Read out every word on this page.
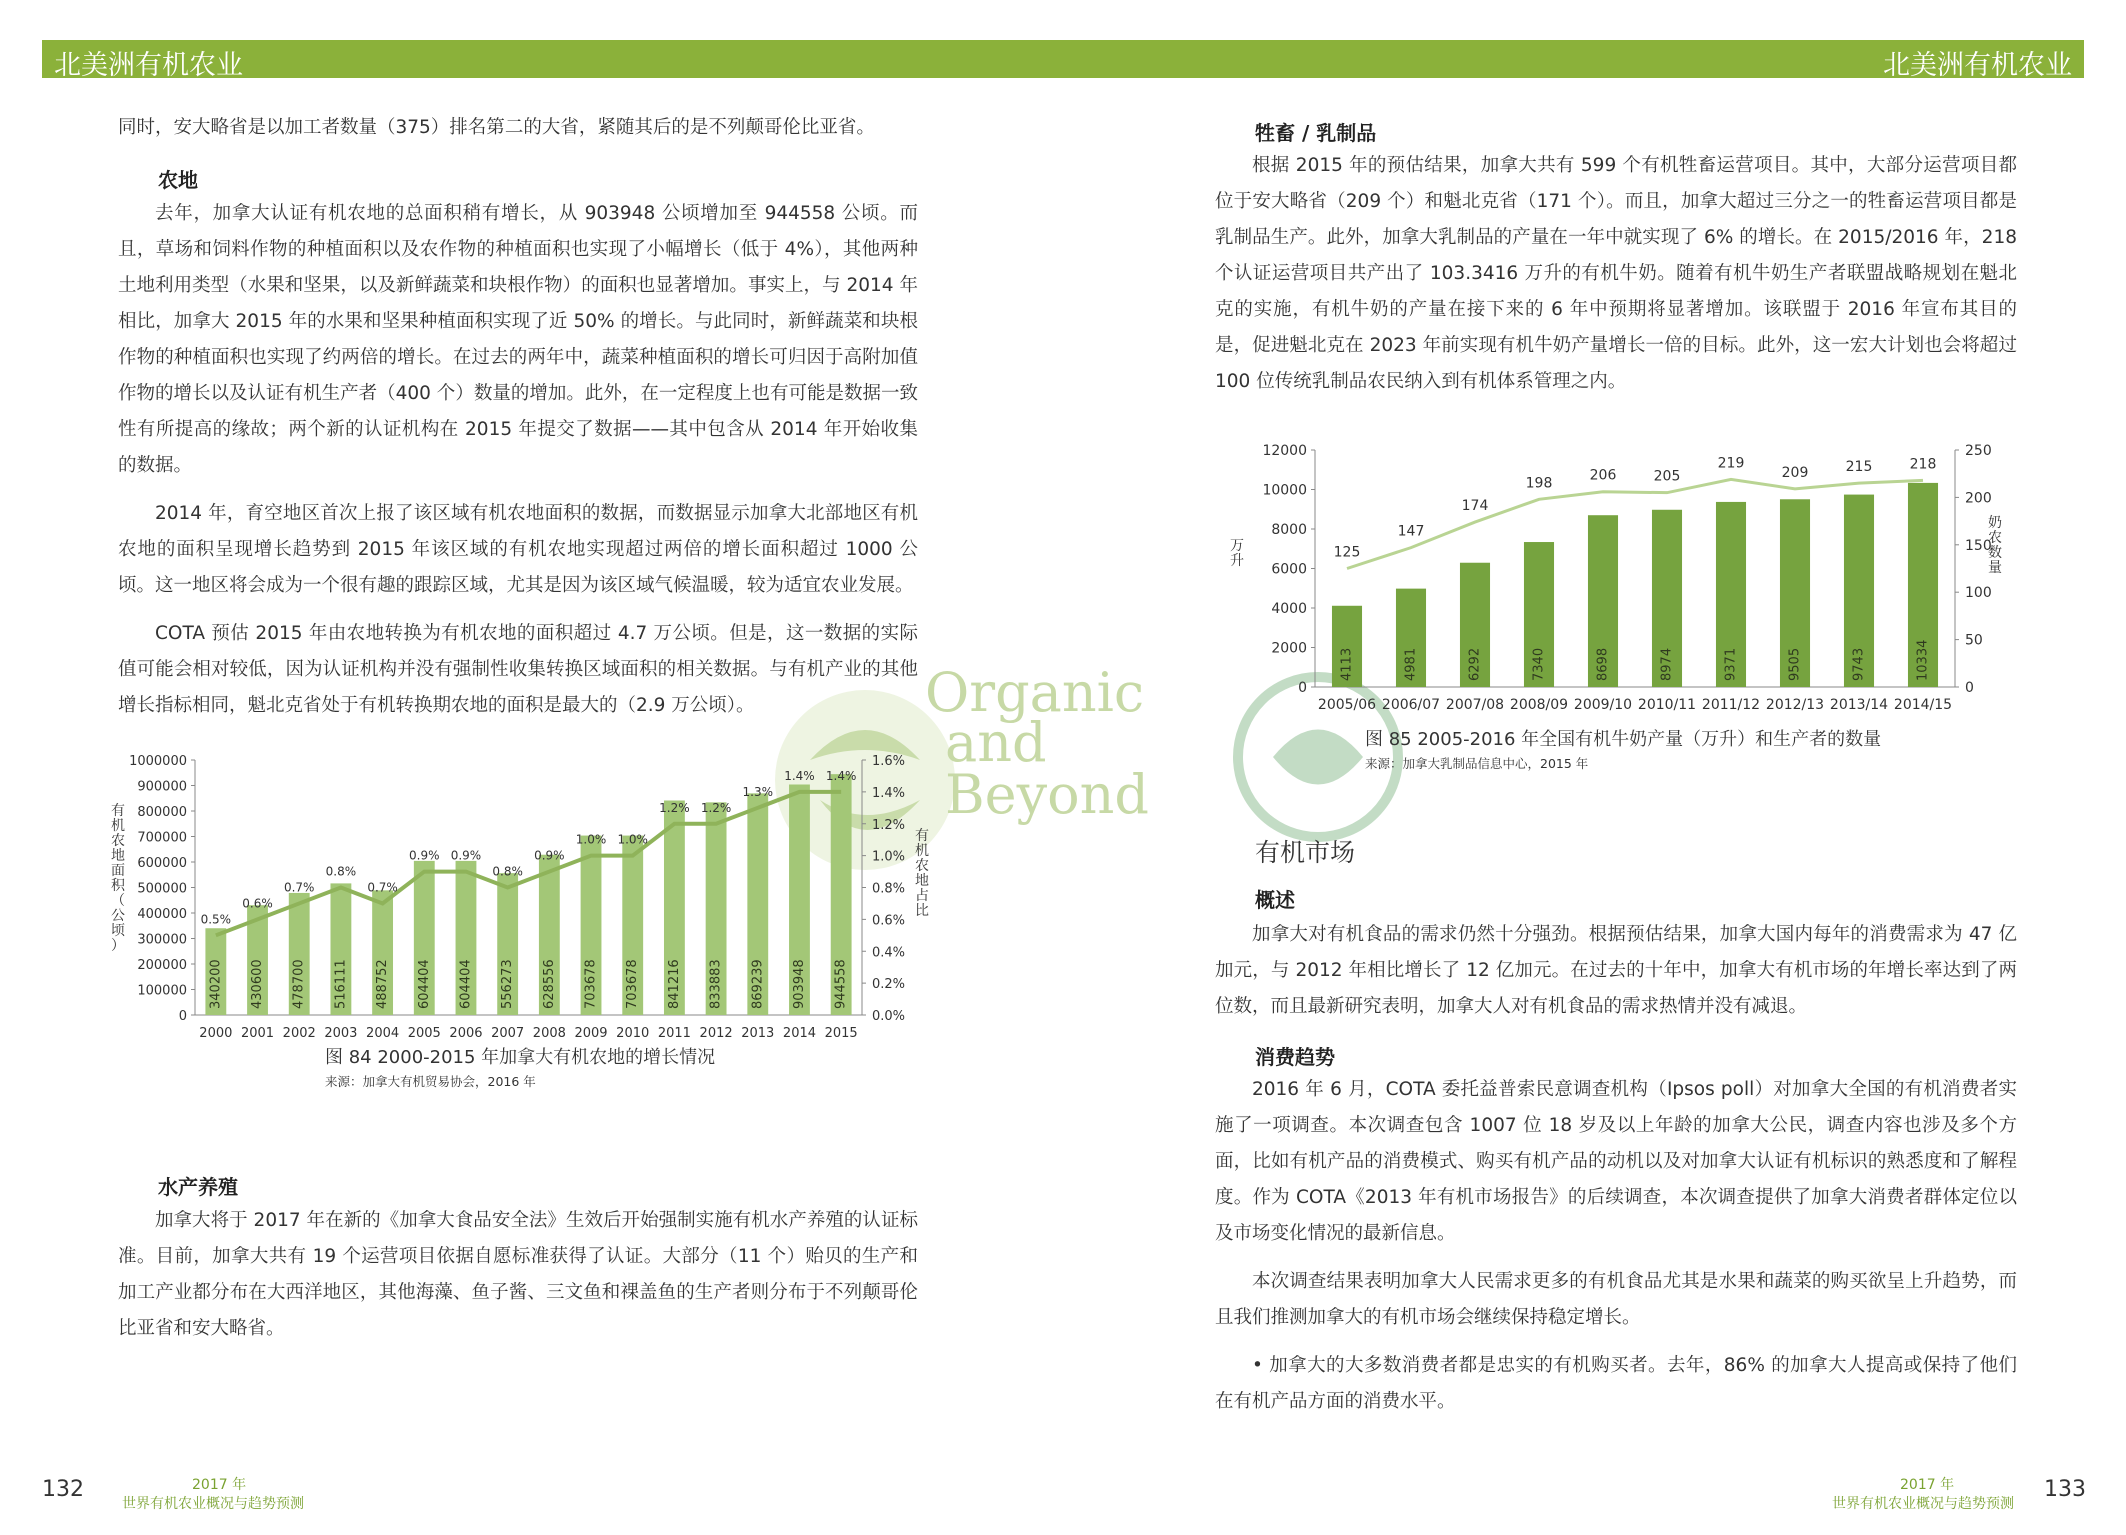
北美洲有机农业	北美洲有机农业

同时，安大略省是以加工者数量（375）排名第二的大省，紧随其后的是不列颠哥伦比亚省。

农地

去年，加拿大认证有机农地的总面积稍有增长，从 903948 公顷增加至 944558 公顷。而且，草场和饲料作物的种植面积以及农作物的种植面积也实现了小幅增长（低于 4%），其他两种土地利用类型（水果和坚果，以及新鲜蔬菜和块根作物）的面积也显著增加。事实上，与 2014 年相比，加拿大 2015 年的水果和坚果种植面积实现了近 50% 的增长。与此同时，新鲜蔬菜和块根作物的种植面积也实现了约两倍的增长。在过去的两年中，蔬菜种植面积的增长可归因于高附加值作物的增长以及认证有机生产者（400 个）数量的增加。此外，在一定程度上也有可能是数据一致性有所提高的缘故；两个新的认证机构在 2015 年提交了数据——其中包含从 2014 年开始收集的数据。

2014 年，育空地区首次上报了该区域有机农地面积的数据，而数据显示加拿大北部地区有机农地的面积呈现增长趋势到 2015 年该区域的有机农地实现超过两倍的增长面积超过 1000 公顷。这一地区将会成为一个很有趣的跟踪区域，尤其是因为该区域气候温暖，较为适宜农业发展。

COTA 预估 2015 年由农地转换为有机农地的面积超过 4.7 万公顷。但是，这一数据的实际值可能会相对较低，因为认证机构并没有强制性收集转换区域面积的相关数据。与有机产业的其他增长指标相同，魁北克省处于有机转换期农地的面积是最大的（2.9 万公顷）。	Organic
and
Beyond
0
100000
200000
300000
400000
500000
600000
700000
800000
900000
1000000
0.0%
0.2%
0.4%
0.6%
0.8%
1.0%
1.2%
1.4%
1.6%
340200
2000
430600
2001
478700
2002
516111
2003
488752
2004
604404
2005
604404
2006
556273
2007
628556
2008
703678
2009
703678
2010
841216
2011
833883
2012
869239
2013
903948
2014
944558
2015
0.5%
0.6%
0.7%
0.8%
0.7%
0.9% 0.9%
0.8%
0.9%
1.0% 1.0%
1.2% 1.2%
1.3%
1.4% 1.4%
有机农地面积（公顷）
有机农地占比
图 84 2000-2015 年加拿大有机农地的增长情况
来源：加拿大有机贸易协会，2016 年
水产养殖

加拿大将于 2017 年在新的《加拿大食品安全法》生效后开始强制实施有机水产养殖的认证标准。目前，加拿大共有 19 个运营项目依据自愿标准获得了认证。大部分（11 个）贻贝的生产和加工产业都分布在大西洋地区，其他海藻、鱼子酱、三文鱼和裸盖鱼的生产者则分布于不列颠哥伦比亚省和安大略省。

132	2017 年
世界有机农业概况与趋势预测
牲畜 / 乳制品

根据 2015 年的预估结果，加拿大共有 599 个有机牲畜运营项目。其中，大部分运营项目都位于安大略省（209 个）和魁北克省（171 个）。而且，加拿大超过三分之一的牲畜运营项目都是乳制品生产。此外，加拿大乳制品的产量在一年中就实现了 6% 的增长。在 2015/2016 年，218 个认证运营项目共产出了 103.3416 万升的有机牛奶。随着有机牛奶生产者联盟战略规划在魁北克的实施，有机牛奶的产量在接下来的 6 年中预期将显著增加。该联盟于 2016 年宣布其目的是，促进魁北克在 2023 年前实现有机牛奶产量增长一倍的目标。此外，这一宏大计划也会将超过 100 位传统乳制品农民纳入到有机体系管理之内。

0
2000
4000
6000
8000
10000
12000
0
50
100
150
200
250
4113
2005/06
4981
2006/07
6292
2007/08
7340
2008/09
8698
2009/10
8974
2010/11
9371
2011/12
9505
2012/13
9743
2013/14
10334
2014/15
125
147
174
198	206	205
219
209	215	218
万升
奶农数量
图 85 2005-2016 年全国有机牛奶产量（万升）和生产者的数量
来源：加拿大乳制品信息中心，2015 年
有机市场
概述

加拿大对有机食品的需求仍然十分强劲。根据预估结果，加拿大国内每年的消费需求为 47 亿加元，与 2012 年相比增长了 12 亿加元。在过去的十年中，加拿大有机市场的年增长率达到了两位数，而且最新研究表明，加拿大人对有机食品的需求热情并没有减退。

消费趋势

2016 年 6 月，COTA 委托益普索民意调查机构（Ipsos poll）对加拿大全国的有机消费者实施了一项调查。本次调查包含 1007 位 18 岁及以上年龄的加拿大公民，调查内容也涉及多个方面，比如有机产品的消费模式、购买有机产品的动机以及对加拿大认证有机标识的熟悉度和了解程度。作为 COTA《2013 年有机市场报告》的后续调查，本次调查提供了加拿大消费者群体定位以及市场变化情况的最新信息。

本次调查结果表明加拿大人民需求更多的有机食品尤其是水果和蔬菜的购买欲呈上升趋势，而且我们推测加拿大的有机市场会继续保持稳定增长。

• 加拿大的大多数消费者都是忠实的有机购买者。去年，86% 的加拿大人提高或保持了他们在有机产品方面的消费水平。

2017 年
世界有机农业概况与趋势预测
133
